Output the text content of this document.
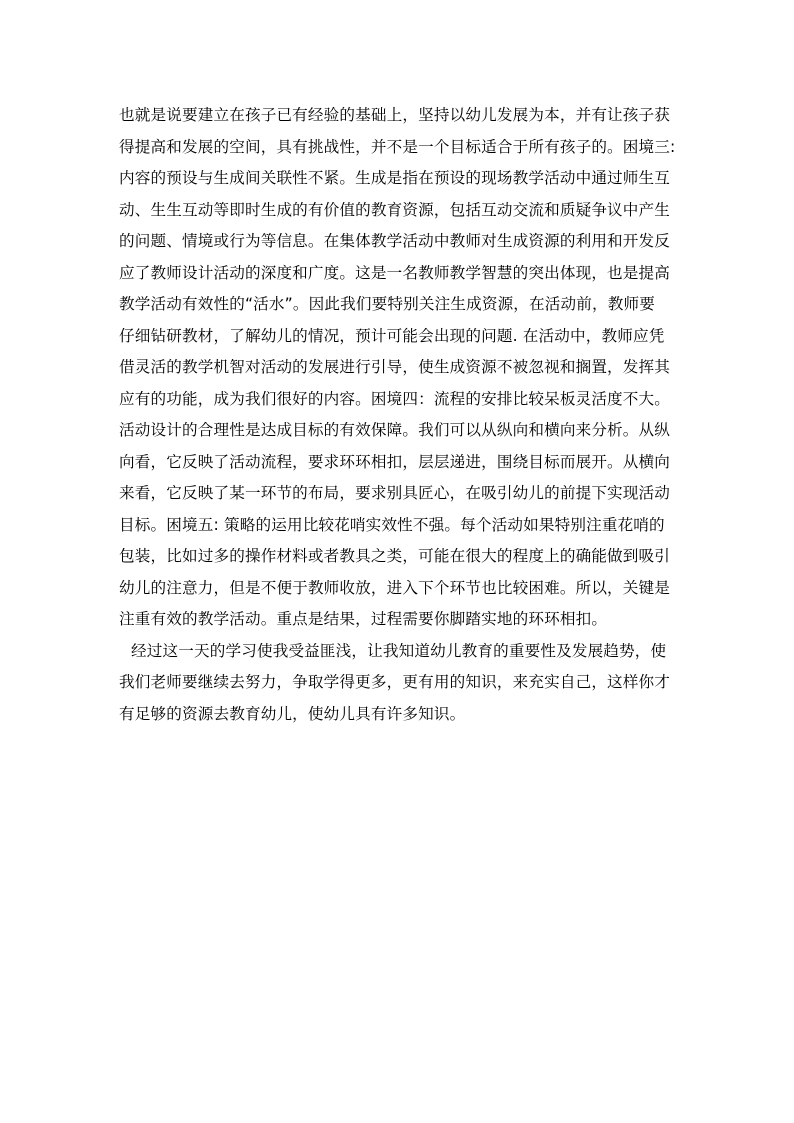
也就是说要建立在孩子已有经验的基础上，坚持以幼儿发展为本，并有让孩子获
得提高和发展的空间，具有挑战性，并不是一个目标适合于所有孩子的。困境三:
内容的预设与生成间关联性不紧。生成是指在预设的现场教学活动中通过师生互
动、生生互动等即时生成的有价值的教育资源，包括互动交流和质疑争议中产生
的问题、情境或行为等信息。在集体教学活动中教师对生成资源的利用和开发反
应了教师设计活动的深度和广度。这是一名教师教学智慧的突出体现，也是提高
教学活动有效性的“活水”。因此我们要特别关注生成资源，在活动前，教师要
仔细钻研教材，了解幼儿的情况，预计可能会出现的问题. 在活动中，教师应凭
借灵活的教学机智对活动的发展进行引导，使生成资源不被忽视和搁置，发挥其
应有的功能，成为我们很好的内容。困境四：流程的安排比较呆板灵活度不大。
活动设计的合理性是达成目标的有效保障。我们可以从纵向和横向来分析。从纵
向看，它反映了活动流程，要求环环相扣，层层递进，围绕目标而展开。从横向
来看，它反映了某一环节的布局，要求别具匠心，在吸引幼儿的前提下实现活动
目标。困境五: 策略的运用比较花哨实效性不强。每个活动如果特别注重花哨的
包装，比如过多的操作材料或者教具之类，可能在很大的程度上的确能做到吸引
幼儿的注意力，但是不便于教师收放，进入下个环节也比较困难。所以，关键是
注重有效的教学活动。重点是结果，过程需要你脚踏实地的环环相扣。
经过这一天的学习使我受益匪浅，让我知道幼儿教育的重要性及发展趋势，使
我们老师要继续去努力，争取学得更多，更有用的知识，来充实自己，这样你才
有足够的资源去教育幼儿，使幼儿具有许多知识。
